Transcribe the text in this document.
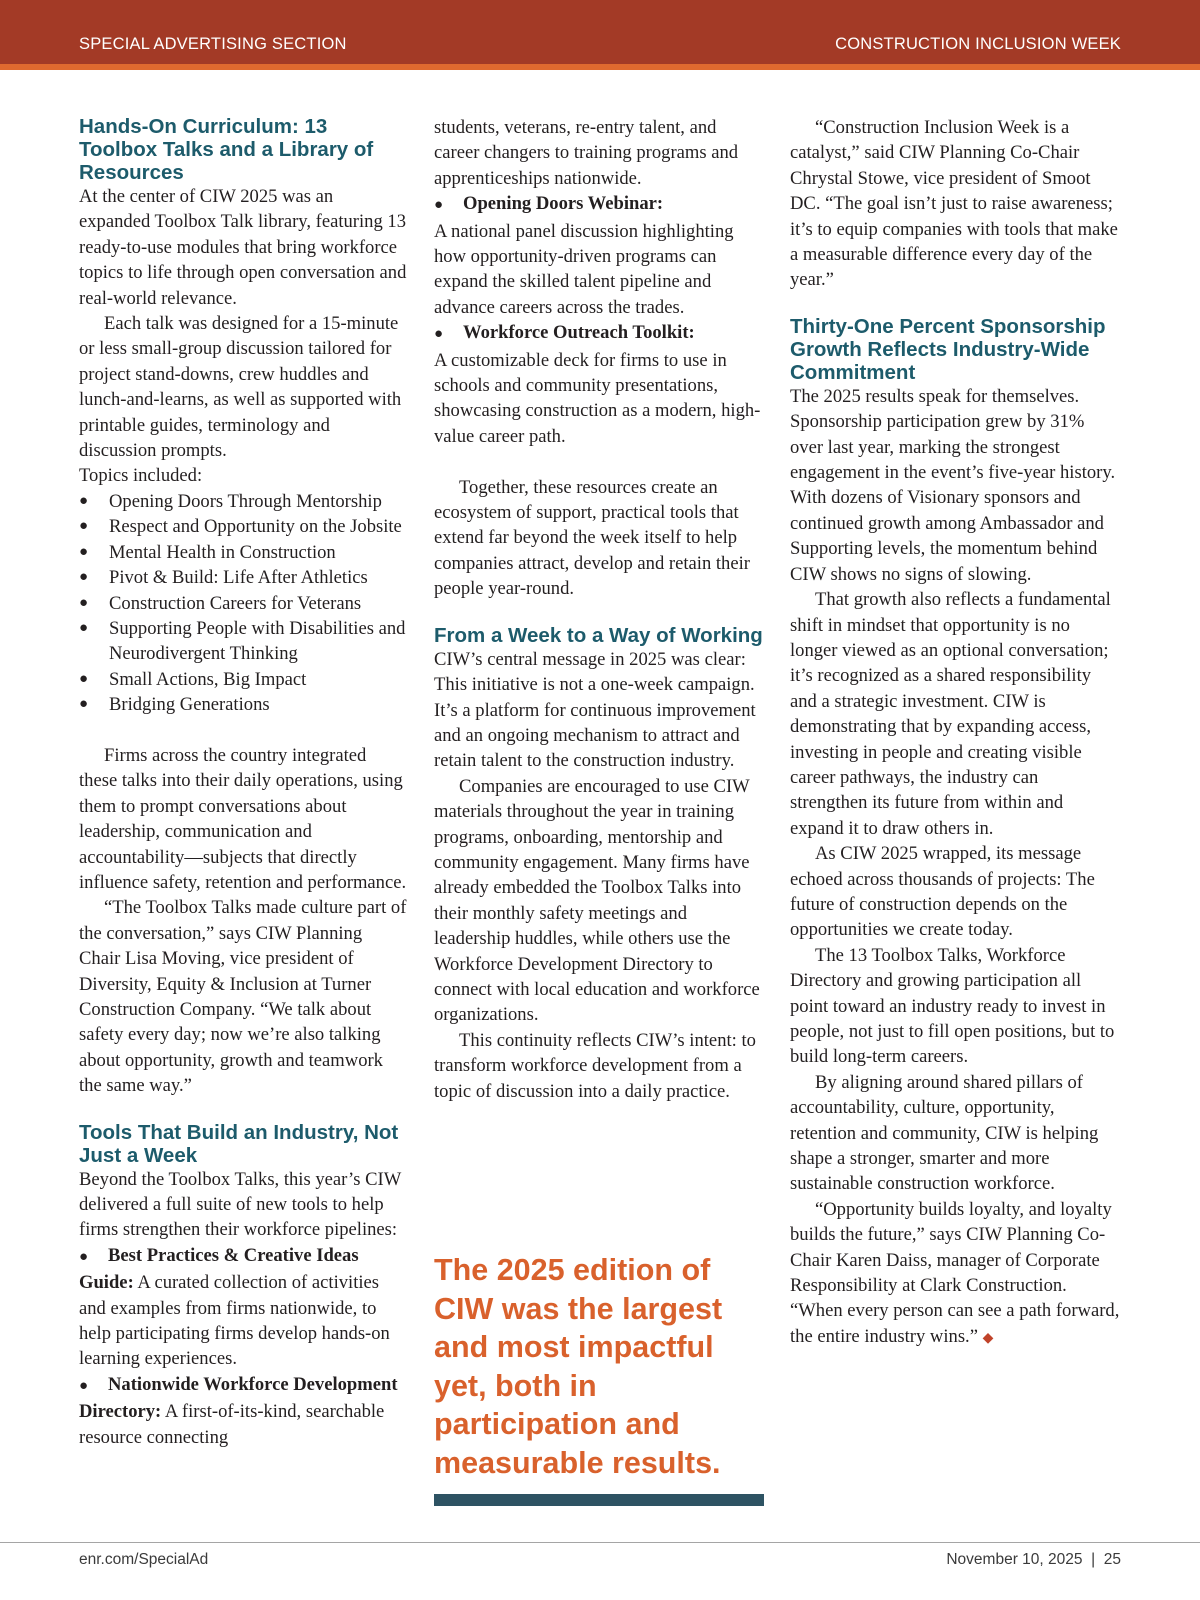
SPECIAL ADVERTISING SECTION	CONSTRUCTION INCLUSION WEEK
Hands-On Curriculum: 13 Toolbox Talks and a Library of Resources

At the center of CIW 2025 was an expanded Toolbox Talk library, featuring 13 ready-to-use modules that bring workforce topics to life through open conversation and real-world relevance.

Each talk was designed for a 15-minute or less small-group discussion tailored for project stand-downs, crew huddles and lunch-and-learns, as well as supported with printable guides, terminology and discussion prompts.

Topics included:

● Opening Doors Through Mentorship
● Respect and Opportunity on the Jobsite
● Mental Health in Construction
● Pivot & Build: Life After Athletics
● Construction Careers for Veterans
● Supporting People with Disabilities and Neurodivergent Thinking
● Small Actions, Big Impact
● Bridging Generations

Firms across the country integrated these talks into their daily operations, using them to prompt conversations about leadership, communication and accountability—subjects that directly influence safety, retention and performance.

“The Toolbox Talks made culture part of the conversation,” says CIW Planning Chair Lisa Moving, vice president of Diversity, Equity & Inclusion at Turner Construction Company. “We talk about safety every day; now we’re also talking about opportunity, growth and teamwork the same way.”

Tools That Build an Industry, Not Just a Week

Beyond the Toolbox Talks, this year’s CIW delivered a full suite of new tools to help firms strengthen their workforce pipelines:

● Best Practices & Creative Ideas Guide: A curated collection of activities and examples from firms nationwide, to help participating firms develop hands-on learning experiences.

● Nationwide Workforce Development Directory: A first-of-its-kind, searchable resource connecting

students, veterans, re-entry talent, and career changers to training programs and apprenticeships nationwide.

● Opening Doors Webinar:

A national panel discussion highlighting how opportunity-driven programs can expand the skilled talent pipeline and advance careers across the trades.

● Workforce Outreach Toolkit:

A customizable deck for firms to use in schools and community presentations, showcasing construction as a modern, high-value career path.

Together, these resources create an ecosystem of support, practical tools that extend far beyond the week itself to help companies attract, develop and retain their people year-round.

From a Week to a Way of Working

CIW’s central message in 2025 was clear: This initiative is not a one-week campaign. It’s a platform for continuous improvement and an ongoing mechanism to attract and retain talent to the construction industry.

Companies are encouraged to use CIW materials throughout the year in training programs, onboarding, mentorship and community engagement. Many firms have already embedded the Toolbox Talks into their monthly safety meetings and leadership huddles, while others use the Workforce Development Directory to connect with local education and workforce organizations.

This continuity reflects CIW’s intent: to transform workforce development from a topic of discussion into a daily practice.

The 2025 edition of CIW was the largest and most impactful yet, both in participation and measurable results.

“Construction Inclusion Week is a catalyst,” said CIW Planning Co-Chair Chrystal Stowe, vice president of Smoot DC. “The goal isn’t just to raise awareness; it’s to equip companies with tools that make a measurable difference every day of the year.”

Thirty-One Percent Sponsorship Growth Reflects Industry-Wide Commitment

The 2025 results speak for themselves. Sponsorship participation grew by 31% over last year, marking the strongest engagement in the event’s five-year history. With dozens of Visionary sponsors and continued growth among Ambassador and Supporting levels, the momentum behind CIW shows no signs of slowing.

That growth also reflects a fundamental shift in mindset that opportunity is no longer viewed as an optional conversation; it’s recognized as a shared responsibility and a strategic investment. CIW is demonstrating that by expanding access, investing in people and creating visible career pathways, the industry can strengthen its future from within and expand it to draw others in.

As CIW 2025 wrapped, its message echoed across thousands of projects: The future of construction depends on the opportunities we create today.

The 13 Toolbox Talks, Workforce Directory and growing participation all point toward an industry ready to invest in people, not just to fill open positions, but to build long-term careers.

By aligning around shared pillars of accountability, culture, opportunity, retention and community, CIW is helping shape a stronger, smarter and more sustainable construction workforce.

“Opportunity builds loyalty, and loyalty builds the future,” says CIW Planning Co-Chair Karen Daiss, manager of Corporate Responsibility at Clark Construction. “When every person can see a path forward, the entire industry wins.” ◆

enr.com/SpecialAd	November 10, 2025  |  25
